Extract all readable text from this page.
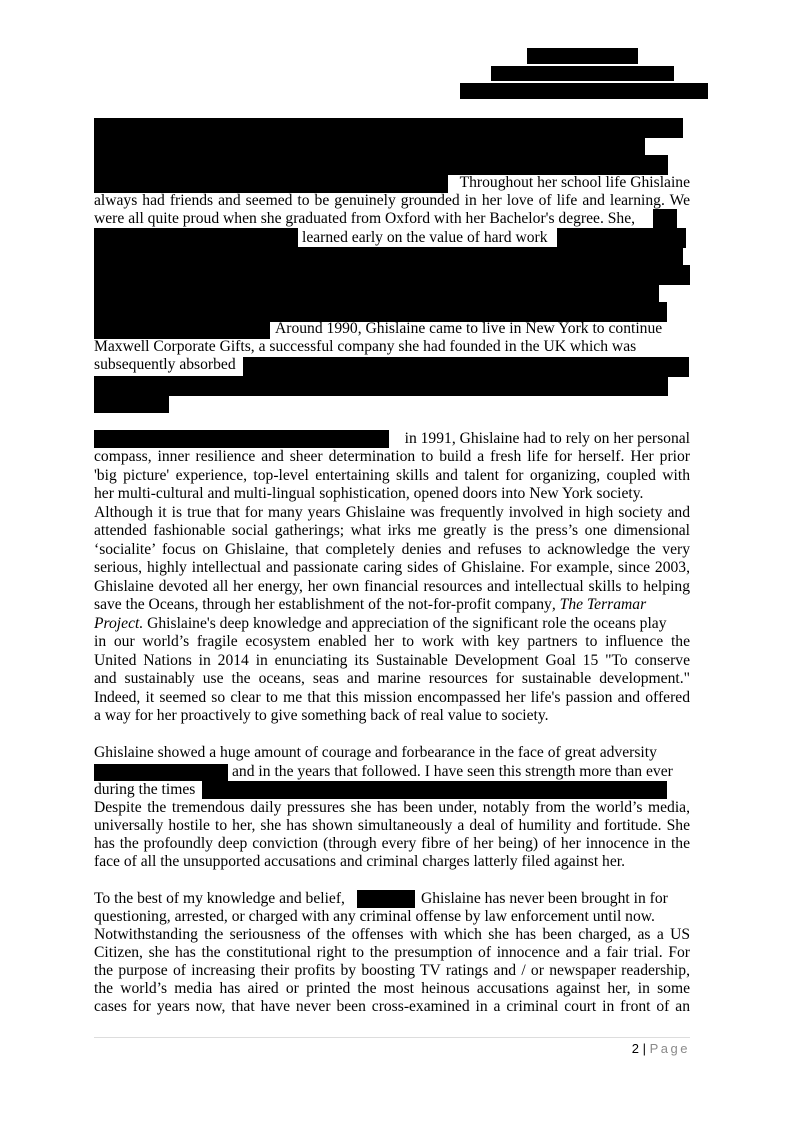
Throughout her school life Ghislaine
always had friends and seemed to be genuinely grounded in her love of life and learning. We
were all quite proud when she graduated from Oxford with her Bachelor's degree. She,
learned early on the value of hard work
Around 1990, Ghislaine came to live in New York to continue
Maxwell Corporate Gifts, a successful company she had founded in the UK which was
subsequently absorbed
in 1991, Ghislaine had to rely on her personal
compass, inner resilience and sheer determination to build a fresh life for herself. Her prior
'big picture' experience, top-level entertaining skills and talent for organizing, coupled with
her multi-cultural and multi-lingual sophistication, opened doors into New York society.
Although it is true that for many years Ghislaine was frequently involved in high society and
attended fashionable social gatherings; what irks me greatly is the press’s one dimensional
‘socialite’ focus on Ghislaine, that completely denies and refuses to acknowledge the very
serious, highly intellectual and passionate caring sides of Ghislaine. For example, since 2003,
Ghislaine devoted all her energy, her own financial resources and intellectual skills to helping
save the Oceans, through her establishment of the not-for-profit company, The Terramar
Project. Ghislaine's deep knowledge and appreciation of the significant role the oceans play
in our world’s fragile ecosystem enabled her to work with key partners to influence the
United Nations in 2014 in enunciating its Sustainable Development Goal 15 "To conserve
and sustainably use the oceans, seas and marine resources for sustainable development."
Indeed, it seemed so clear to me that this mission encompassed her life's passion and offered
a way for her proactively to give something back of real value to society.
Ghislaine showed a huge amount of courage and forbearance in the face of great adversity
and in the years that followed. I have seen this strength more than ever
during the times
Despite the tremendous daily pressures she has been under, notably from the world’s media,
universally hostile to her, she has shown simultaneously a deal of humility and fortitude. She
has the profoundly deep conviction (through every fibre of her being) of her innocence in the
face of all the unsupported accusations and criminal charges latterly filed against her.
To the best of my knowledge and belief,	Ghislaine has never been brought in for
questioning, arrested, or charged with any criminal offense by law enforcement until now.
Notwithstanding the seriousness of the offenses with which she has been charged, as a US
Citizen, she has the constitutional right to the presumption of innocence and a fair trial. For
the purpose of increasing their profits by boosting TV ratings and / or newspaper readership,
the world’s media has aired or printed the most heinous accusations against her, in some
cases for years now, that have never been cross-examined in a criminal court in front of an
2 | Page
